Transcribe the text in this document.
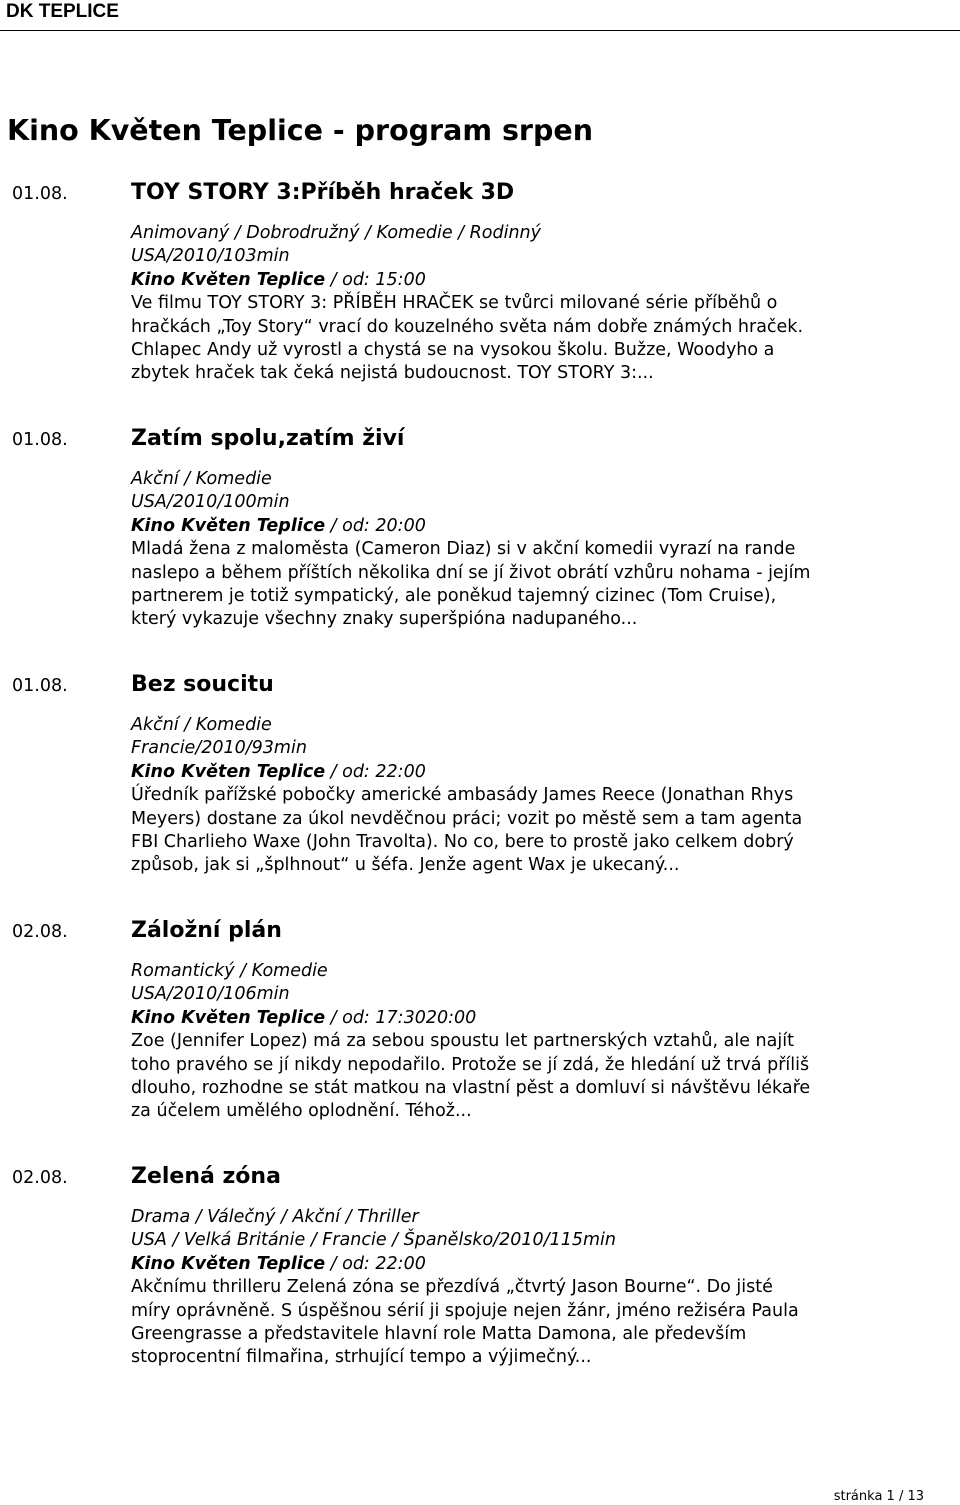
DK TEPLICE
Kino Květen Teplice - program srpen
01.08.	TOY STORY 3:Příběh hraček 3D
Animovaný / Dobrodružný / Komedie / Rodinný
USA/2010/103min
Kino Květen Teplice / od: 15:00
Ve filmu TOY STORY 3: PŘÍBĚH HRAČEK se tvůrci milované série příběhů o
hračkách „Toy Story“ vrací do kouzelného světa nám dobře známých hraček.
Chlapec Andy už vyrostl a chystá se na vysokou školu. Bužze, Woodyho a
zbytek hraček tak čeká nejistá budoucnost. TOY STORY 3:...
01.08.	Zatím spolu,zatím živí
Akční / Komedie
USA/2010/100min
Kino Květen Teplice / od: 20:00
Mladá žena z maloměsta (Cameron Diaz) si v akční komedii vyrazí na rande
naslepo a během příštích několika dní se jí život obrátí vzhůru nohama - jejím
partnerem je totiž sympatický, ale poněkud tajemný cizinec (Tom Cruise),
který vykazuje všechny znaky superšpióna nadupaného...
01.08.	Bez soucitu
Akční / Komedie
Francie/2010/93min
Kino Květen Teplice / od: 22:00
Úředník pařížské pobočky americké ambasády James Reece (Jonathan Rhys
Meyers) dostane za úkol nevděčnou práci; vozit po městě sem a tam agenta
FBI Charlieho Waxe (John Travolta). No co, bere to prostě jako celkem dobrý
způsob, jak si „šplhnout“ u šéfa. Jenže agent Wax je ukecaný...
02.08.	Záložní plán
Romantický / Komedie
USA/2010/106min
Kino Květen Teplice / od: 17:3020:00
Zoe (Jennifer Lopez) má za sebou spoustu let partnerských vztahů, ale najít
toho pravého se jí nikdy nepodařilo. Protože se jí zdá, že hledání už trvá příliš
dlouho, rozhodne se stát matkou na vlastní pěst a domluví si návštěvu lékaře
za účelem umělého oplodnění. Téhož...
02.08.	Zelená zóna
Drama / Válečný / Akční / Thriller
USA / Velká Británie / Francie / Španělsko/2010/115min
Kino Květen Teplice / od: 22:00
Akčnímu thrilleru Zelená zóna se přezdívá „čtvrtý Jason Bourne“. Do jisté
míry oprávněně. S úspěšnou sérií ji spojuje nejen žánr, jméno režiséra Paula
Greengrasse a představitele hlavní role Matta Damona, ale především
stoprocentní filmařina, strhující tempo a výjimečný...
stránka 1 / 13
